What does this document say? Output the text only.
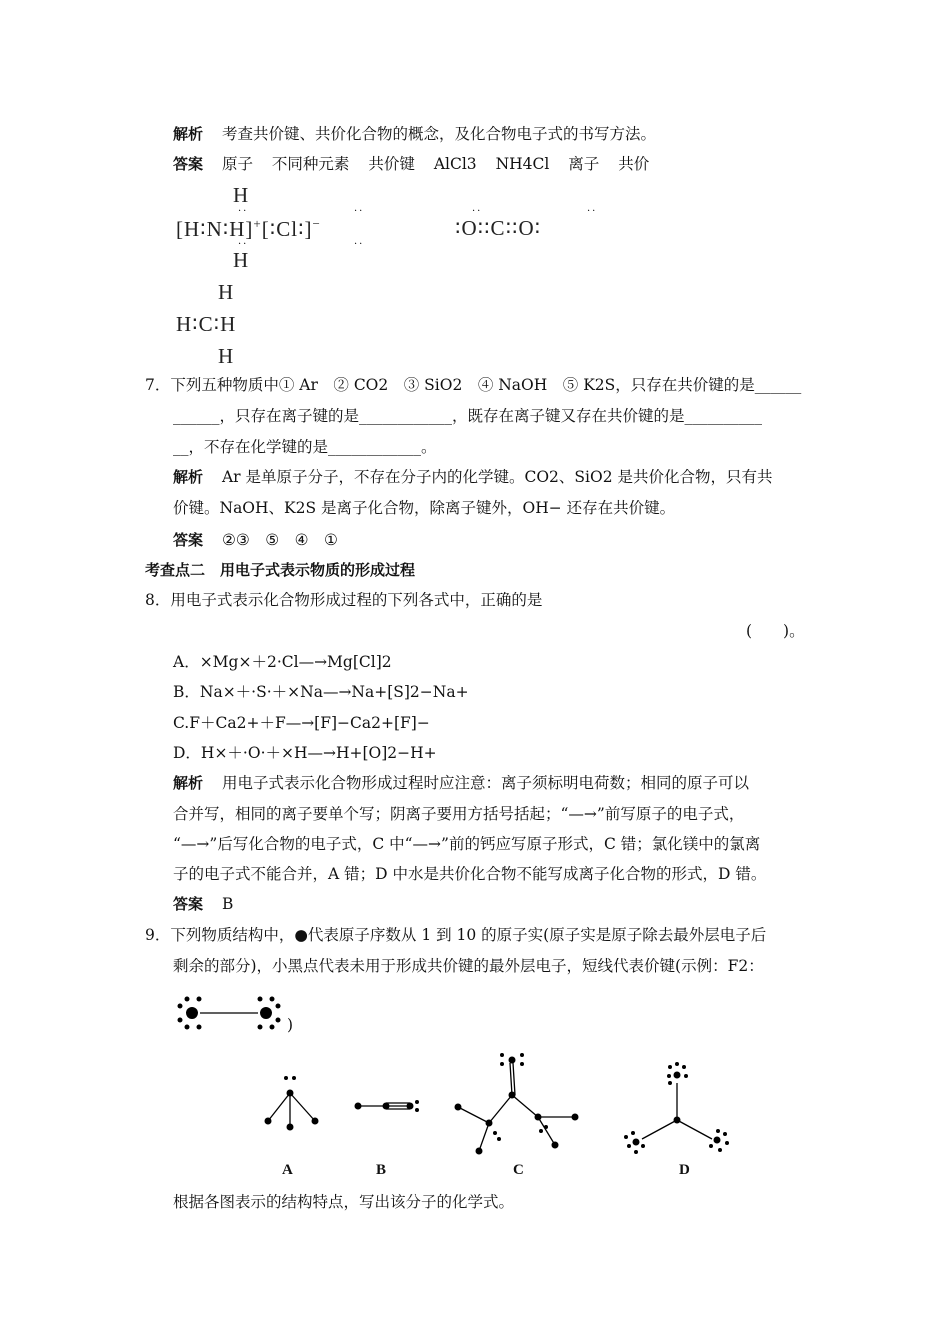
解析 考查共价键、共价化合物的概念，及化合物电子式的书写方法。
答案 原子 不同种元素 共价键 AlCl3 NH4Cl 离子 共价
H
[H∶N∶H]+[∶Cl∶]−
H
··
··
··
··
∶O∶∶C∶∶O∶
··	··
H
H∶C∶H
H
7．下列五种物质中① Ar　② CO2　③ SiO2　④ NaOH　⑤ K2S，只存在共价键的是______
______，只存在离子键的是____________，既存在离子键又存在共价键的是__________
__，不存在化学键的是____________。
解析 Ar 是单原子分子，不存在分子内的化学键。CO2、SiO2 是共价化合物，只有共
价键。NaOH、K2S 是离子化合物，除离子键外，OH− 还存在共价键。
答案 ②③　⑤　④　①
考查点二　用电子式表示物质的形成过程
8．用电子式表示化合物形成过程的下列各式中，正确的是
(　　)。
A．×Mg×＋2·Cl—→Mg[Cl]2
B．Na×＋·S·＋×Na—→Na+[S]2−Na+
C.F＋Ca2+＋F—→[F]−Ca2+[F]−
D．H×＋·O·＋×H—→H+[O]2−H+
解析 用电子式表示化合物形成过程时应注意：离子须标明电荷数；相同的原子可以
合并写，相同的离子要单个写；阴离子要用方括号括起；“—→”前写原子的电子式，
“—→”后写化合物的电子式，C 中“—→”前的钙应写原子形式，C 错；氯化镁中的氯离
子的电子式不能合并，A 错；D 中水是共价化合物不能写成离子化合物的形式，D 错。
答案 B
9．下列物质结构中，●代表原子序数从 1 到 10 的原子实(原子实是原子除去最外层电子后
剩余的部分)，小黑点代表未用于形成共价键的最外层电子，短线代表价键(示例：F2：
)
A	B	C	D
根据各图表示的结构特点，写出该分子的化学式。
